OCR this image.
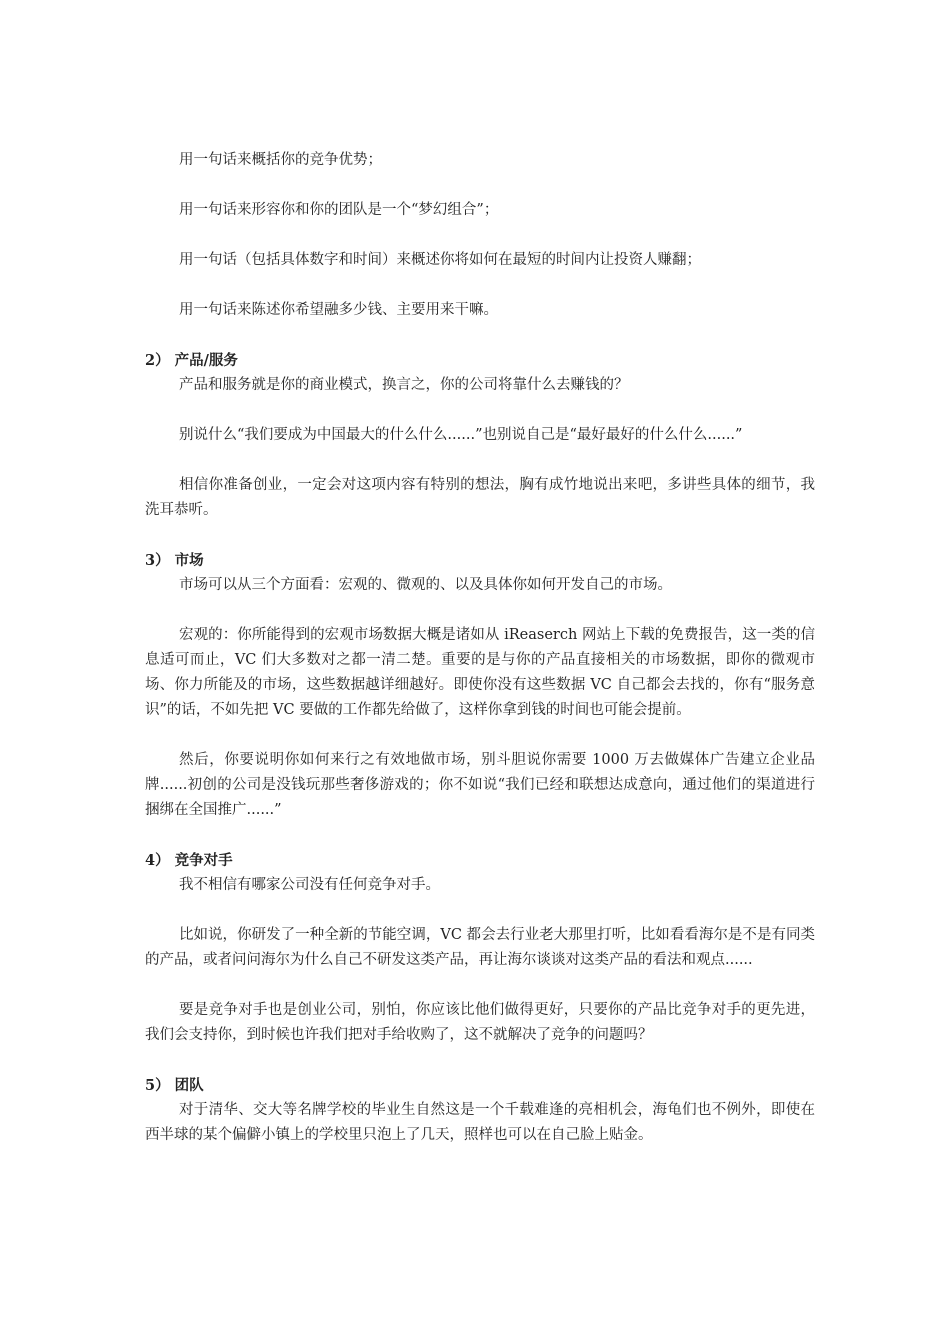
用一句话来概括你的竞争优势；

用一句话来形容你和你的团队是一个“梦幻组合”；

用一句话（包括具体数字和时间）来概述你将如何在最短的时间内让投资人赚翻；

用一句话来陈述你希望融多少钱、主要用来干嘛。

2） 产品/服务

产品和服务就是你的商业模式，换言之，你的公司将靠什么去赚钱的？

别说什么“我们要成为中国最大的什么什么......”也别说自己是“最好最好的什么什么......”

相信你准备创业，一定会对这项内容有特别的想法，胸有成竹地说出来吧，多讲些具体的细节，我洗耳恭听。

3） 市场

市场可以从三个方面看：宏观的、微观的、以及具体你如何开发自己的市场。

宏观的：你所能得到的宏观市场数据大概是诸如从 iReaserch 网站上下载的免费报告，这一类的信息适可而止，VC 们大多数对之都一清二楚。重要的是与你的产品直接相关的市场数据，即你的微观市场、你力所能及的市场，这些数据越详细越好。即使你没有这些数据 VC 自己都会去找的，你有“服务意识”的话，不如先把 VC 要做的工作都先给做了，这样你拿到钱的时间也可能会提前。

然后，你要说明你如何来行之有效地做市场，别斗胆说你需要 1000 万去做媒体广告建立企业品牌......初创的公司是没钱玩那些奢侈游戏的；你不如说“我们已经和联想达成意向，通过他们的渠道进行捆绑在全国推广......”

4） 竞争对手

我不相信有哪家公司没有任何竞争对手。

比如说，你研发了一种全新的节能空调，VC 都会去行业老大那里打听，比如看看海尔是不是有同类的产品，或者问问海尔为什么自己不研发这类产品，再让海尔谈谈对这类产品的看法和观点......

要是竞争对手也是创业公司，别怕，你应该比他们做得更好，只要你的产品比竞争对手的更先进，我们会支持你，到时候也许我们把对手给收购了，这不就解决了竞争的问题吗？

5） 团队

对于清华、交大等名牌学校的毕业生自然这是一个千载难逢的亮相机会，海龟们也不例外，即使在西半球的某个偏僻小镇上的学校里只泡上了几天，照样也可以在自己脸上贴金。
